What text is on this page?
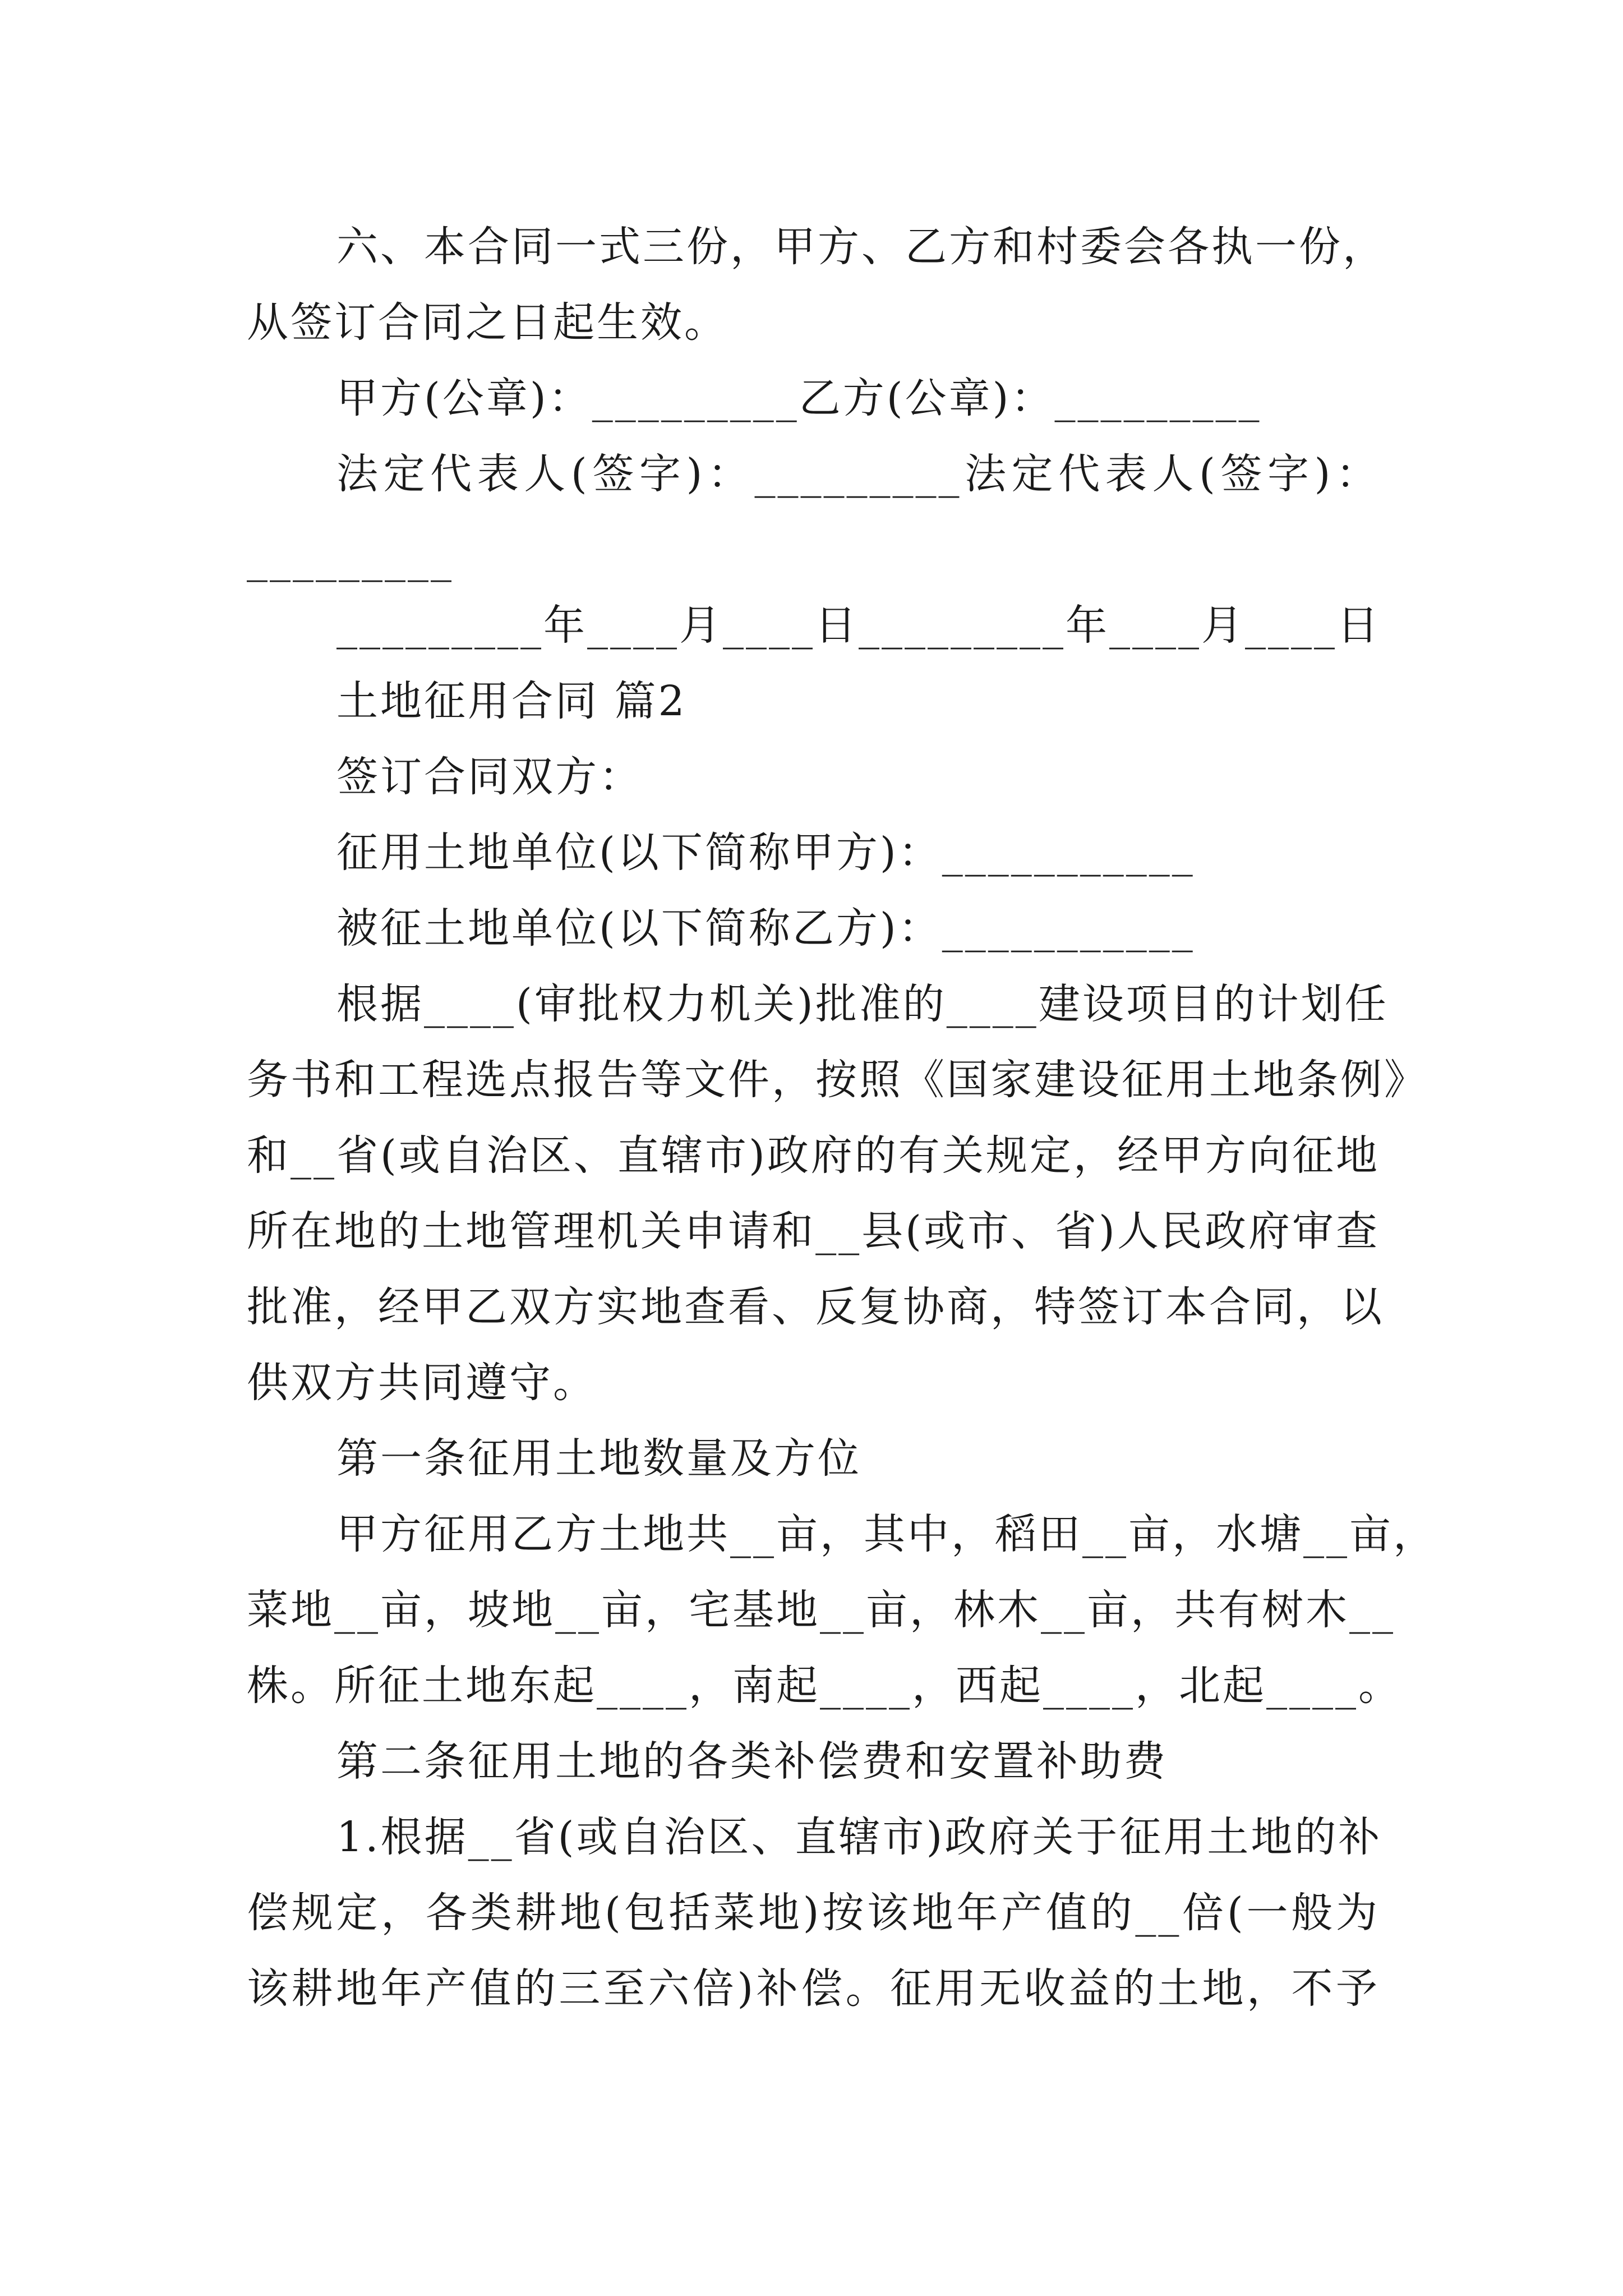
六、本合同一式三份，甲方、乙方和村委会各执一份，
从签订合同之日起生效。
甲方(公章)：_________乙方(公章)：_________
法定代表人(签字)：_________法定代表人(签字)：
_________
_________年____月____日_________年____月____日
土地征用合同 篇2
签订合同双方：
征用土地单位(以下简称甲方)：___________
被征土地单位(以下简称乙方)：___________
根据____(审批权力机关)批准的____建设项目的计划任
务书和工程选点报告等文件，按照《国家建设征用土地条例》
和__省(或自治区、直辖市)政府的有关规定，经甲方向征地
所在地的土地管理机关申请和__县(或市、省)人民政府审查
批准，经甲乙双方实地查看、反复协商，特签订本合同，以
供双方共同遵守。
第一条征用土地数量及方位
甲方征用乙方土地共__亩，其中，稻田__亩，水塘__亩，
菜地__亩，坡地__亩，宅基地__亩，林木__亩，共有树木__
株。所征土地东起____，南起____，西起____，北起____。
第二条征用土地的各类补偿费和安置补助费
1.根据__省(或自治区、直辖市)政府关于征用土地的补
偿规定，各类耕地(包括菜地)按该地年产值的__倍(一般为
该耕地年产值的三至六倍)补偿。征用无收益的土地，不予
